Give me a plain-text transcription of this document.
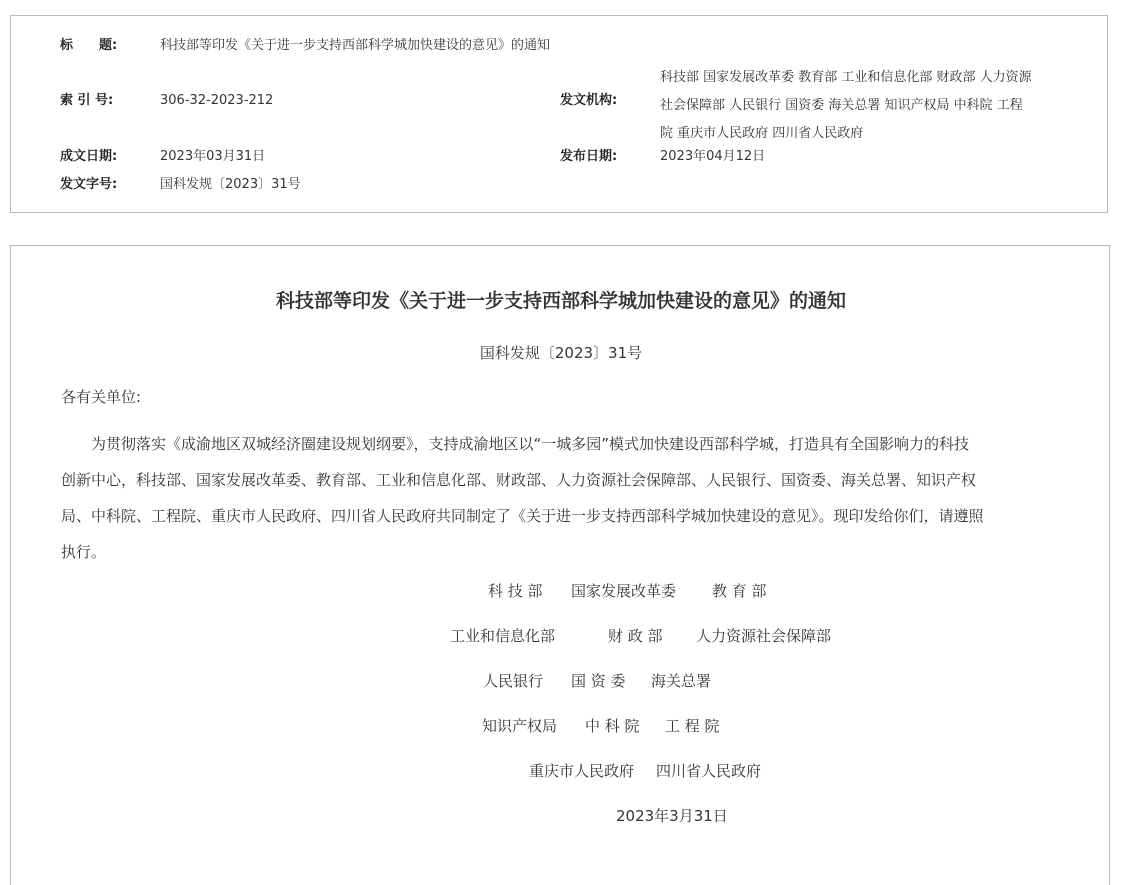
标　　题:	科技部等印发《关于进一步支持西部科学城加快建设的意见》的通知
索 引 号:	306-32-2023-212	发文机构:
科技部 国家发展改革委 教育部 工业和信息化部 财政部 人力资源
社会保障部 人民银行 国资委 海关总署 知识产权局 中科院 工程
院 重庆市人民政府 四川省人民政府
成文日期:	2023年03月31日	发布日期:	2023年04月12日
发文字号:	国科发规〔2023〕31号
科技部等印发《关于进一步支持西部科学城加快建设的意见》的通知
国科发规〔2023〕31号
各有关单位:
　　为贯彻落实《成渝地区双城经济圈建设规划纲要》，支持成渝地区以“一城多园”模式加快建设西部科学城，打造具有全国影响力的科技
创新中心，科技部、国家发展改革委、教育部、工业和信息化部、财政部、人力资源社会保障部、人民银行、国资委、海关总署、知识产权
局、中科院、工程院、重庆市人民政府、四川省人民政府共同制定了《关于进一步支持西部科学城加快建设的意见》。现印发给你们，请遵照
执行。
科 技 部 国家发展改革委 教 育 部
工业和信息化部	财 政 部 人力资源社会保障部
人民银行 国 资 委 海关总署
知识产权局 中 科 院 工 程 院
重庆市人民政府 四川省人民政府
2023年3月31日
